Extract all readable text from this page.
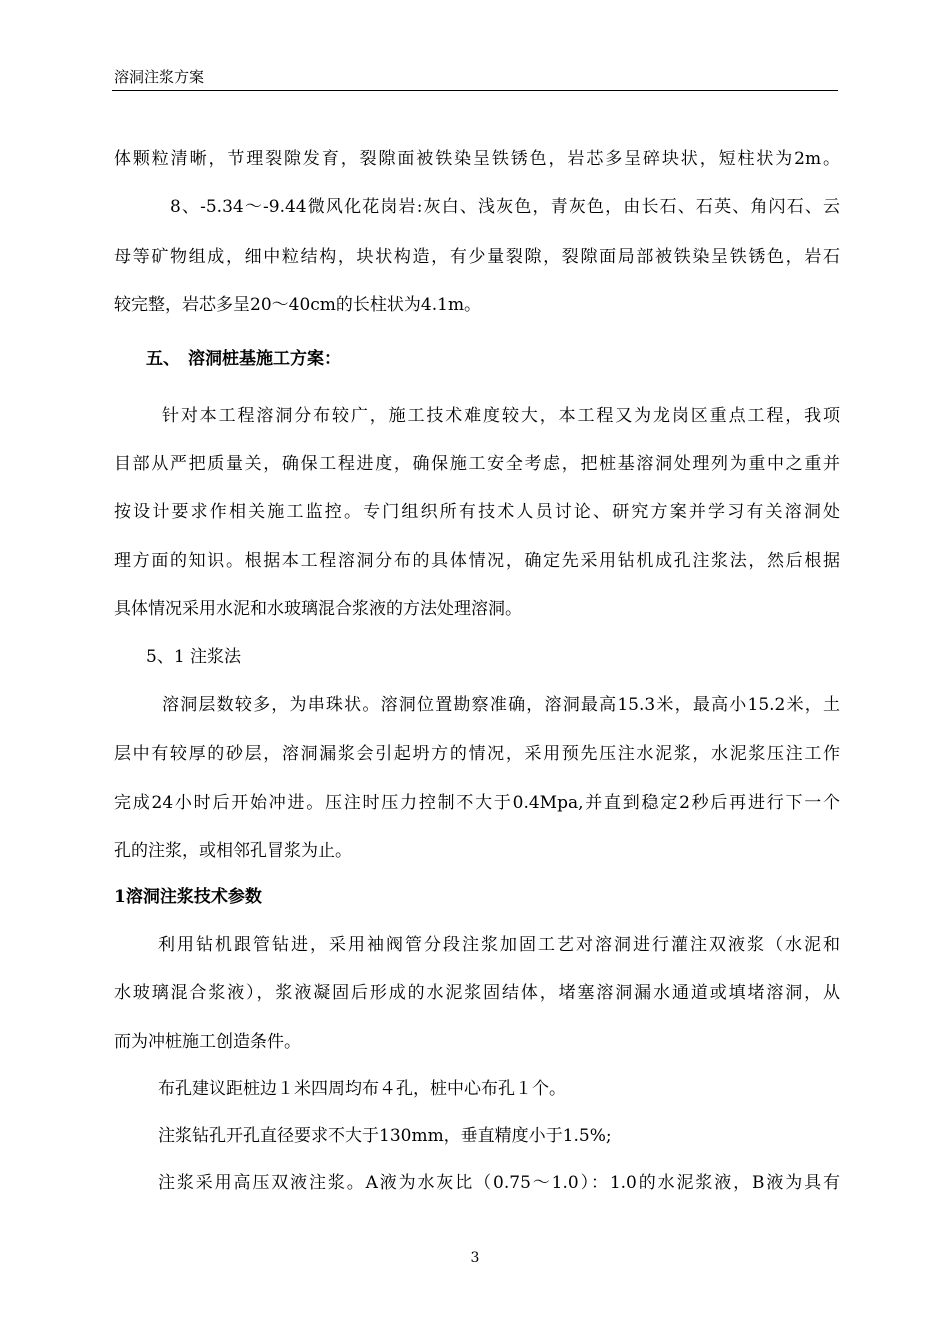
溶洞注浆方案
体颗粒清晰，节理裂隙发育，裂隙面被铁染呈铁锈色，岩芯多呈碎块状，短柱状为2m。
8、-5.34～-9.44微风化花岗岩:灰白、浅灰色，青灰色，由长石、石英、角闪石、云
母等矿物组成，细中粒结构，块状构造，有少量裂隙，裂隙面局部被铁染呈铁锈色，岩石
较完整，岩芯多呈20～40cm的长柱状为4.1m。
五、 溶洞桩基施工方案：
针对本工程溶洞分布较广，施工技术难度较大，本工程又为龙岗区重点工程，我项
目部从严把质量关，确保工程进度，确保施工安全考虑，把桩基溶洞处理列为重中之重并
按设计要求作相关施工监控。专门组织所有技术人员讨论、研究方案并学习有关溶洞处
理方面的知识。根据本工程溶洞分布的具体情况，确定先采用钻机成孔注浆法，然后根据
具体情况采用水泥和水玻璃混合浆液的方法处理溶洞。
5、1 注浆法
溶洞层数较多，为串珠状。溶洞位置勘察准确，溶洞最高15.3米，最高小15.2米，土
层中有较厚的砂层，溶洞漏浆会引起坍方的情况，采用预先压注水泥浆，水泥浆压注工作
完成24小时后开始冲进。压注时压力控制不大于0.4Mpa,并直到稳定2秒后再进行下一个
孔的注浆，或相邻孔冒浆为止。
1溶洞注浆技术参数
利用钻机跟管钻进，采用袖阀管分段注浆加固工艺对溶洞进行灌注双液浆（水泥和
水玻璃混合浆液），浆液凝固后形成的水泥浆固结体，堵塞溶洞漏水通道或填堵溶洞，从
而为冲桩施工创造条件。
布孔建议距桩边１米四周均布４孔，桩中心布孔１个。
注浆钻孔开孔直径要求不大于130mm，垂直精度小于1.5%;
注浆采用高压双液注浆。A液为水灰比（0.75～1.0）：1.0的水泥浆液，B液为具有
3
